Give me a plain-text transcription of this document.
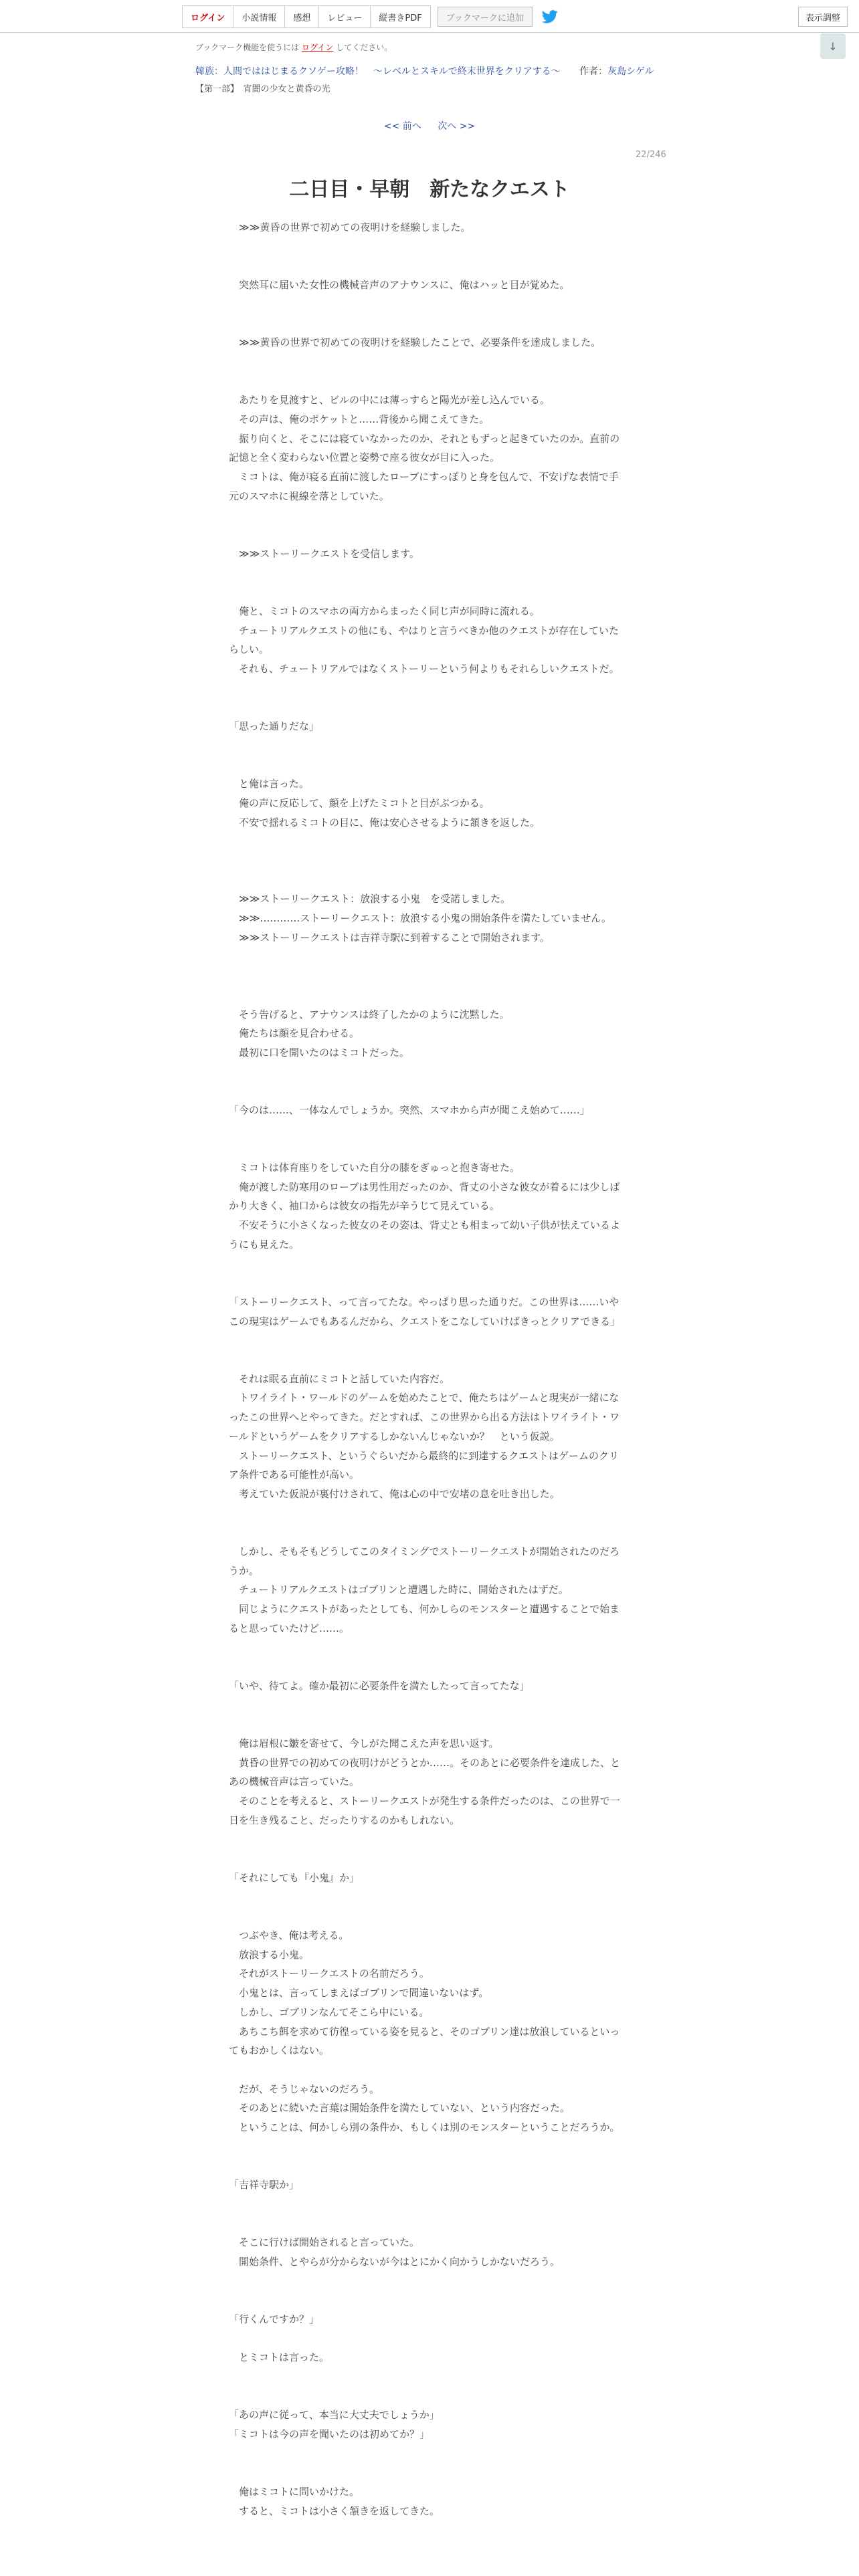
ログイン	小説情報	感想	レビュー	縦書きPDF	ブックマークに追加	表示調整
↓
ブックマーク機能を使うには ログイン してください。
韓族：人間でははじまるクソゲー攻略！　～レベルとスキルで終末世界をクリアする～ 作者：灰島シゲル
【第一部】　宵闇の少女と黄昏の光
<< 前へ 次へ >>
22/246
二日目・早朝　新たなクエスト

　≫≫黄昏の世界で初めての夜明けを経験しました。

　突然耳に届いた女性の機械音声のアナウンスに、俺はハッと目が覚めた。

　≫≫黄昏の世界で初めての夜明けを経験したことで、必要条件を達成しました。

　あたりを見渡すと、ビルの中には薄っすらと陽光が差し込んでいる。

　その声は、俺のポケットと……背後から聞こえてきた。

　振り向くと、そこには寝ていなかったのか、それともずっと起きていたのか。直前の記憶と全く変わらない位置と姿勢で座る彼女が目に入った。

　ミコトは、俺が寝る直前に渡したローブにすっぽりと身を包んで、不安げな表情で手元のスマホに視線を落としていた。

　≫≫ストーリークエストを受信します。

　俺と、ミコトのスマホの両方からまったく同じ声が同時に流れる。

　チュートリアルクエストの他にも、やはりと言うべきか他のクエストが存在していたらしい。

　それも、チュートリアルではなくストーリーという何よりもそれらしいクエストだ。

「思った通りだな」

　と俺は言った。

　俺の声に反応して、顔を上げたミコトと目がぶつかる。

　不安で揺れるミコトの目に、俺は安心させるように頷きを返した。

　≫≫ストーリークエスト：放浪する小鬼　を受諾しました。

　≫≫…………ストーリークエスト：放浪する小鬼の開始条件を満たしていません。

　≫≫ストーリークエストは吉祥寺駅に到着することで開始されます。

　そう告げると、アナウンスは終了したかのように沈黙した。

　俺たちは顔を見合わせる。

　最初に口を開いたのはミコトだった。

「今のは……、一体なんでしょうか。突然、スマホから声が聞こえ始めて……」

　ミコトは体育座りをしていた自分の膝をぎゅっと抱き寄せた。

　俺が渡した防寒用のローブは男性用だったのか、背丈の小さな彼女が着るには少しばかり大きく、袖口からは彼女の指先が辛うじて見えている。

　不安そうに小さくなった彼女のその姿は、背丈とも相まって幼い子供が怯えているようにも見えた。

「ストーリークエスト、って言ってたな。やっぱり思った通りだ。この世界は……いやこの現実はゲームでもあるんだから、クエストをこなしていけばきっとクリアできる」

　それは眠る直前にミコトと話していた内容だ。

　トワイライト・ワールドのゲームを始めたことで、俺たちはゲームと現実が一緒になったこの世界へとやってきた。だとすれば、この世界から出る方法はトワイライト・ワールドというゲームをクリアするしかないんじゃないか？　という仮説。

　ストーリークエスト、というぐらいだから最終的に到達するクエストはゲームのクリア条件である可能性が高い。

　考えていた仮説が裏付けされて、俺は心の中で安堵の息を吐き出した。

　しかし、そもそもどうしてこのタイミングでストーリークエストが開始されたのだろうか。

　チュートリアルクエストはゴブリンと遭遇した時に、開始されたはずだ。

　同じようにクエストがあったとしても、何かしらのモンスターと遭遇することで始まると思っていたけど……。

「いや、待てよ。確か最初に必要条件を満たしたって言ってたな」

　俺は眉根に皺を寄せて、今しがた聞こえた声を思い返す。

　黄昏の世界での初めての夜明けがどうとか……。そのあとに必要条件を達成した、とあの機械音声は言っていた。

　そのことを考えると、ストーリークエストが発生する条件だったのは、この世界で一日を生き残ること、だったりするのかもしれない。

「それにしても『小鬼』か」

　つぶやき、俺は考える。

　放浪する小鬼。

　それがストーリークエストの名前だろう。

　小鬼とは、言ってしまえばゴブリンで間違いないはず。

　しかし、ゴブリンなんてそこら中にいる。

　あちこち餌を求めて彷徨っている姿を見ると、そのゴブリン達は放浪しているといってもおかしくはない。

　だが、そうじゃないのだろう。

　そのあとに続いた言葉は開始条件を満たしていない、という内容だった。

　ということは、何かしら別の条件か、もしくは別のモンスターということだろうか。

「吉祥寺駅か」

　そこに行けば開始されると言っていた。

　開始条件、とやらが分からないが今はとにかく向かうしかないだろう。

「行くんですか？」

　とミコトは言った。

「あの声に従って、本当に大丈夫でしょうか」

「ミコトは今の声を聞いたのは初めてか？」

　俺はミコトに問いかけた。

　すると、ミコトは小さく頷きを返してきた。
